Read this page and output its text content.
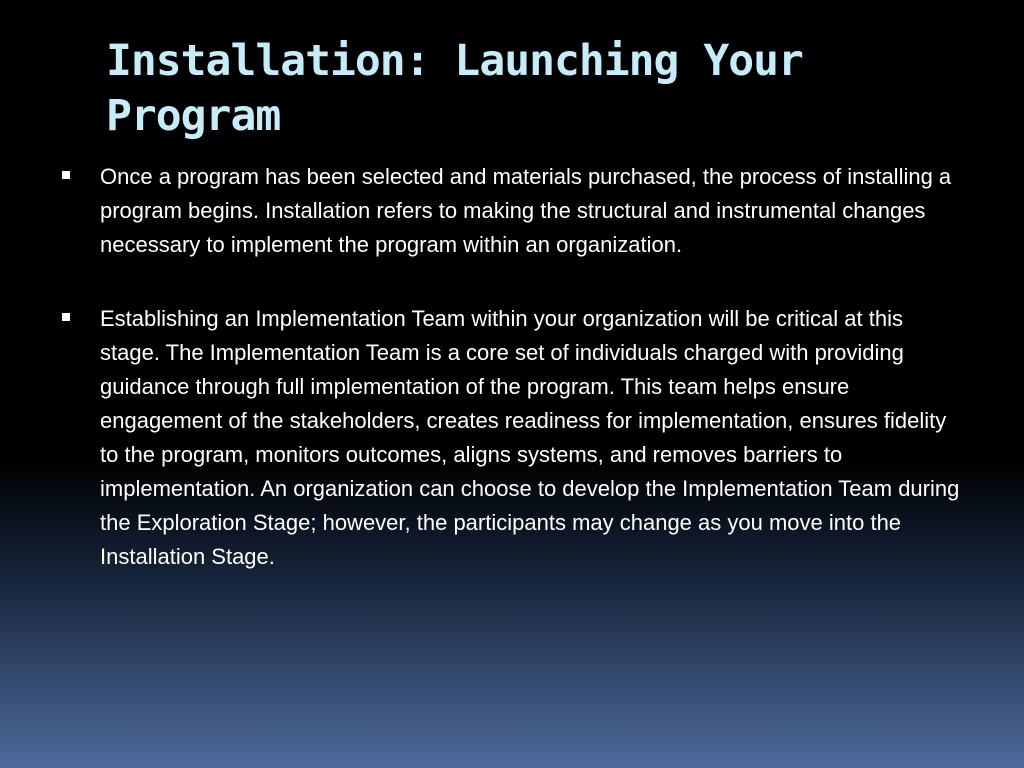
Installation: Launching Your Program
Once a program has been selected and materials purchased, the process of installing a program begins. Installation refers to making the structural and instrumental changes necessary to implement the program within an organization.
Establishing an Implementation Team within your organization will be critical at this stage. The Implementation Team is a core set of individuals charged with providing guidance through full implementation of the program. This team helps ensure engagement of the stakeholders, creates readiness for implementation, ensures fidelity to the program, monitors outcomes, aligns systems, and removes barriers to implementation. An organization can choose to develop the Implementation Team during the Exploration Stage; however, the participants may change as you move into the Installation Stage.
